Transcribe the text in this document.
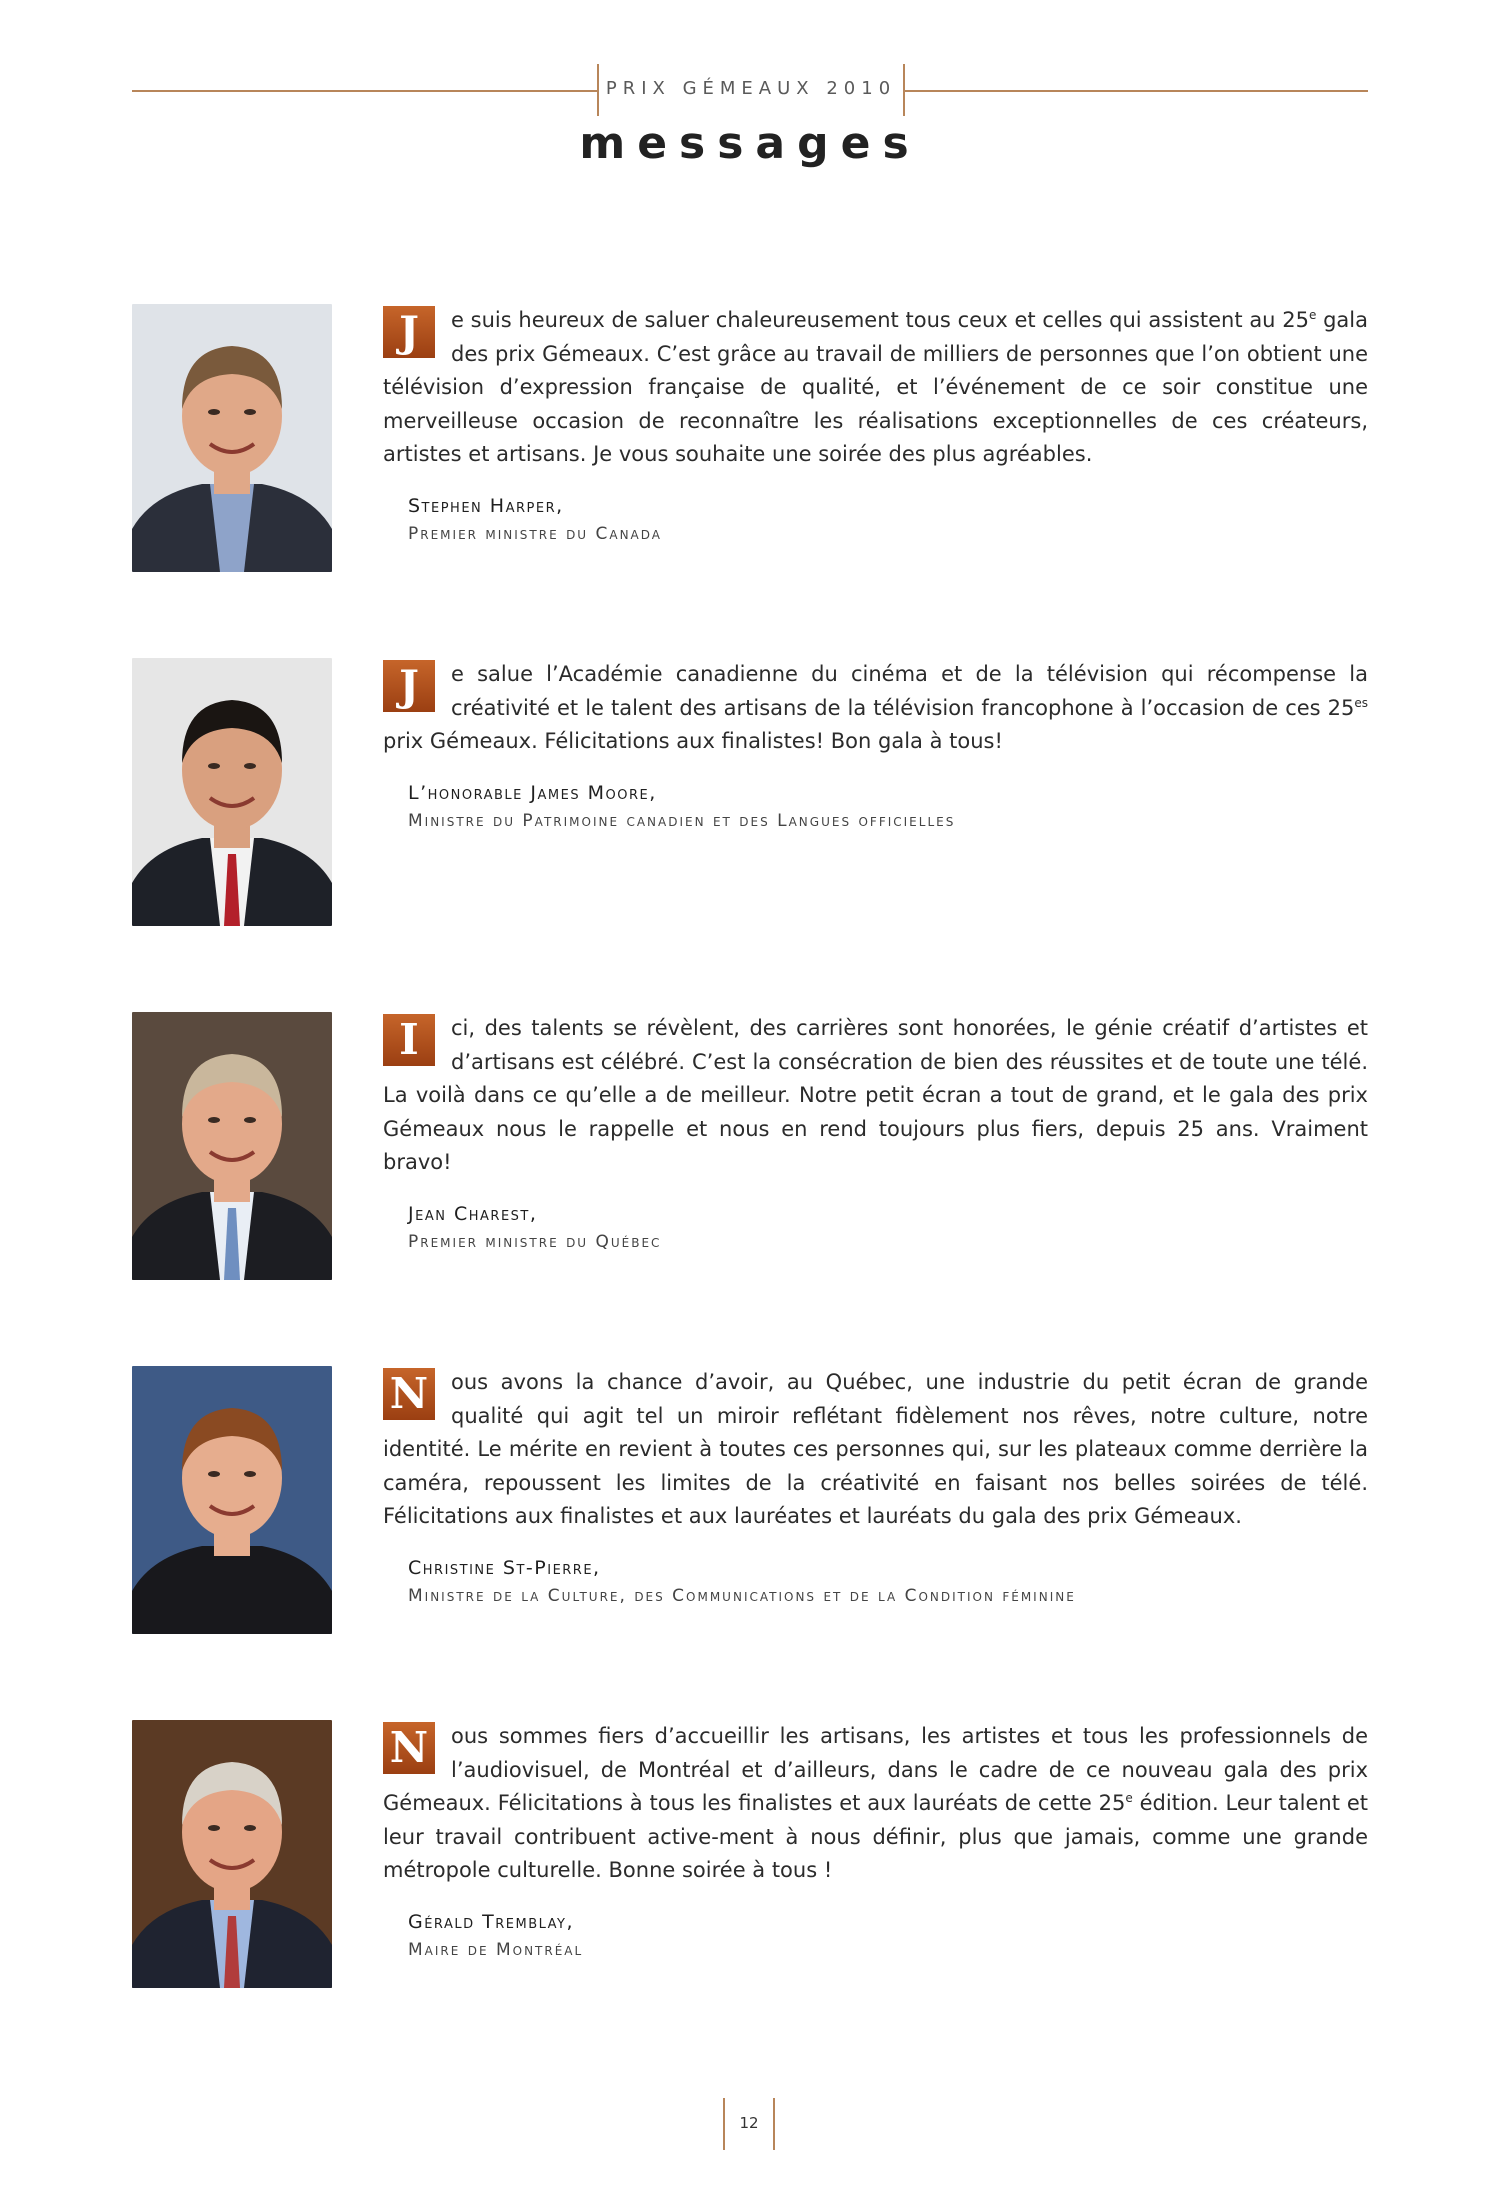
PRIX GÉMEAUX 2010
messages
J	e suis heureux de saluer chaleureusement tous ceux et celles qui assistent au 25e gala des prix Gémeaux. C’est grâce au travail de milliers de personnes que l’on obtient une télévision d’expression française de qualité, et l’événement de ce soir constitue une merveilleuse occasion de reconnaître les réalisations exceptionnelles de ces créateurs, artistes et artisans. Je vous souhaite une soirée des plus agréables.

Stephen Harper,
Premier ministre du Canada
J	e salue l’Académie canadienne du cinéma et de la télévision qui récompense la créativité et le talent des artisans de la télévision francophone à l’occasion de ces $25^{es}$ prix Gémeaux. Félicitations aux finalistes! Bon gala à tous!

L’honorable James Moore,
Ministre du Patrimoine canadien et des Langues officielles
I	ci, des talents se révèlent, des carrières sont honorées, le génie créatif d’artistes et d’artisans est célébré. C’est la consécration de bien des réussites et de toute une télé. La voilà dans ce qu’elle a de meilleur. Notre petit écran a tout de grand, et le gala des prix Gémeaux nous le rappelle et nous en rend toujours plus fiers, depuis 25 ans. Vraiment bravo!

Jean Charest,
Premier ministre du Québec
N	ous avons la chance d’avoir, au Québec, une industrie du petit écran de grande qualité qui agit tel un miroir reflétant fidèlement nos rêves, notre culture, notre identité. Le mérite en revient à toutes ces personnes qui, sur les plateaux comme derrière la caméra, repoussent les limites de la créativité en faisant nos belles soirées de télé. Félicitations aux finalistes et aux lauréates et lauréats du gala des prix Gémeaux.

Christine St-Pierre,
Ministre de la Culture, des Communications et de la Condition féminine
N	ous sommes fiers d’accueillir les artisans, les artistes et tous les professionnels de l’audiovisuel, de Montréal et d’ailleurs, dans le cadre de ce nouveau gala des prix Gémeaux. Félicitations à tous les finalistes et aux lauréats de cette 25e édition. Leur talent et leur travail contribuent active-ment à nous définir, plus que jamais, comme une grande métropole culturelle. Bonne soirée à tous !

Gérald Tremblay,
Maire de Montréal
12
